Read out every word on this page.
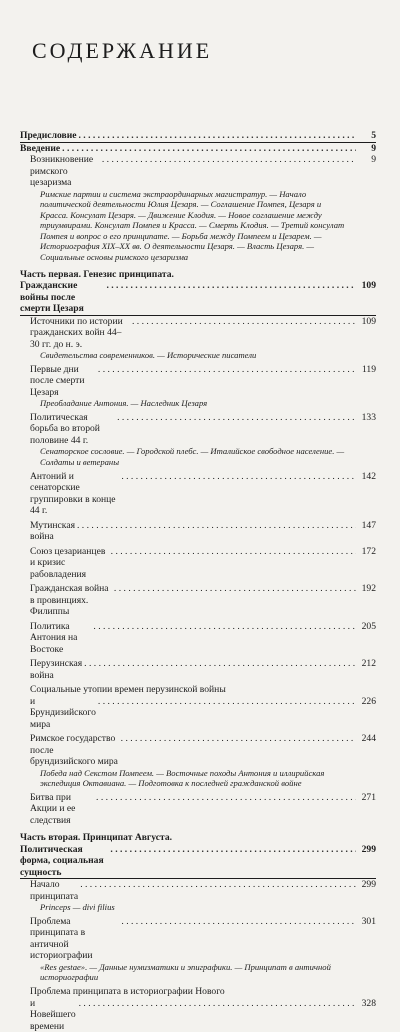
СОДЕРЖАНИЕ
Предисловие . . .	5
Введение . . .	9
Возникновение римского цезаризма
. . .
9
Римские партии и система экстраординарных магистратур. — Начало политической деятельности Юлия Цезаря. — Соглашение Помпея, Цезаря и Красса. Консулат Цезаря. — Движение Клодия. — Новое соглашение между триумвирами. Консулат Помпея и Красса. — Смерть Клодия. — Третий консулат Помпея и вопрос о его принципате. — Борьба между Помпеем и Цезарем. — Историография XIX–XX вв. О деятельности Цезаря. — Власть Цезаря. — Социальные основы римского цезаризма
Часть первая. Генезис принципата.
Гражданские войны после смерти Цезаря
. . .
109
Источники по истории гражданских войн 44–30 гг. до н. э.
. . .
109
Свидетельства современников. — Исторические писатели
Первые дни после смерти Цезаря
. . .
119
Преобладание Антония. — Наследник Цезаря
Политическая борьба во второй половине 44 г.
. . .
133
Сенаторское сословие. — Городской плебс. — Италийское свободное население. — Солдаты и ветераны
Антоний и сенаторские группировки в конце 44 г.
. . .
142
Мутинская война
. . .
147
Союз цезарианцев и кризис рабовладения
. . .
172
Гражданская война в провинциях. Филиппы
. . .
192
Политика Антония на Востоке
. . .
205
Перузинская война
. . .
212
Социальные утопии времен перузинской войны
и Брундизийского мира
. . .
226
Римское государство после брундизийского мира
. . .
244
Победа над Секстом Помпеем. — Восточные походы Антония и иллирийская экспедиция Октавиана. — Подготовка к последней гражданской войне
Битва при Акции и ее следствия
. . .
271
Часть вторая. Принципат Августа.
Политическая форма, социальная сущность
. . .
299
Начало принципата
. . .
299
Princeps — divi filius
Проблема принципата в античной историографии
. . .
301
«Res gestae». — Данные нумизматики и эпиграфики. — Принципат в античной историографии
Проблема принципата в историографии Нового
и Новейшего времени
. . .
328
